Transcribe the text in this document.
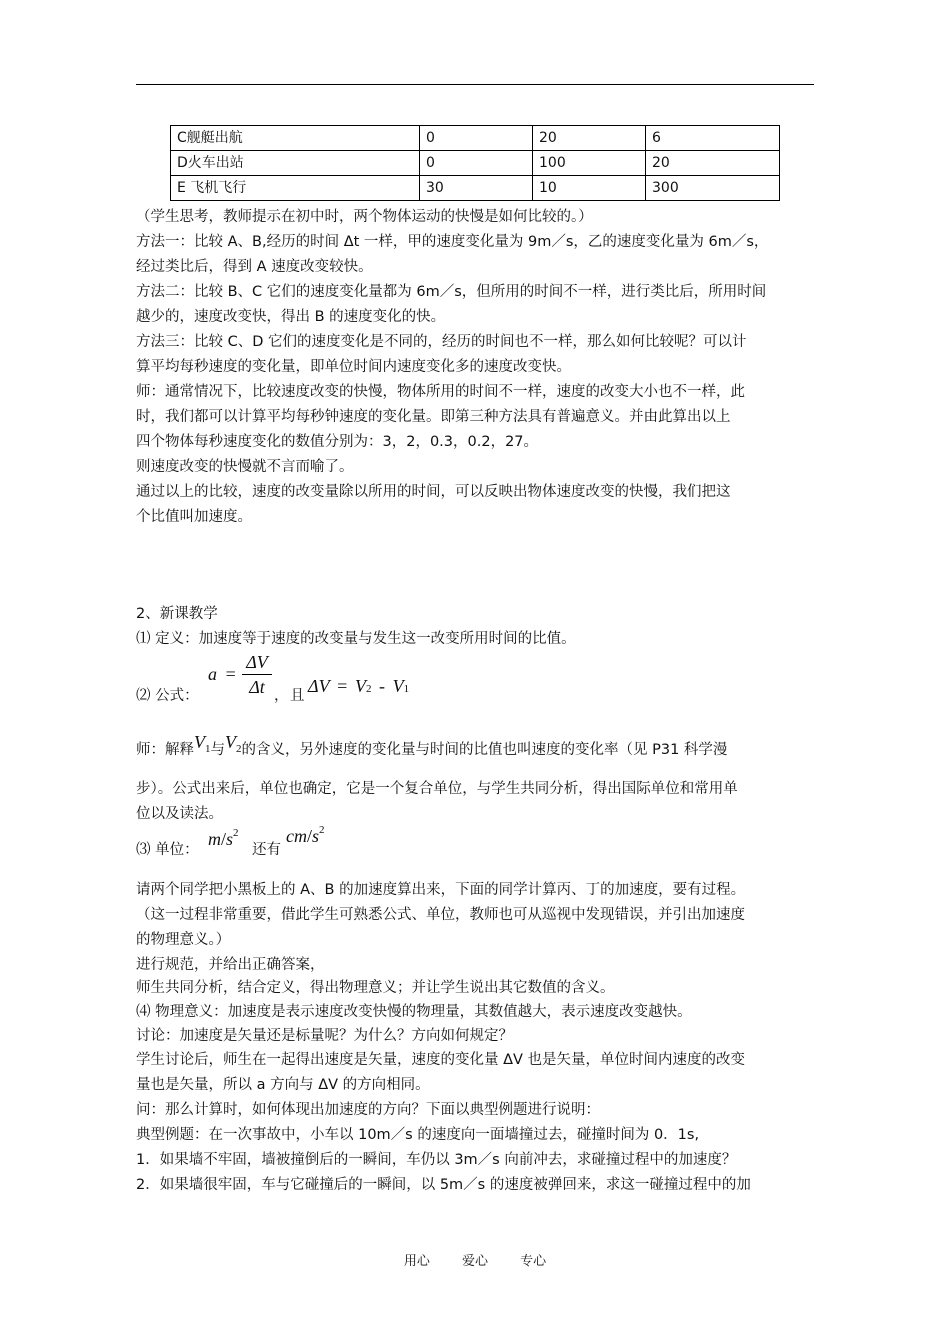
C舰艇出航	0	20	6
D火车出站	0	100	20
E 飞机飞行	30	10	300
（学生思考，教师提示在初中时，两个物体运动的快慢是如何比较的。）
方法一：比较 A、B,经历的时间 Δt 一样，甲的速度变化量为 9m／s，乙的速度变化量为 6m／s，
经过类比后，得到 A 速度改变较快。
方法二：比较 B、C 它们的速度变化量都为 6m／s，但所用的时间不一样，进行类比后，所用时间
越少的，速度改变快，得出 B 的速度变化的快。
方法三：比较 C、D 它们的速度变化是不同的，经历的时间也不一样，那么如何比较呢？可以计
算平均每秒速度的变化量，即单位时间内速度变化多的速度改变快。
师：通常情况下，比较速度改变的快慢，物体所用的时间不一样，速度的改变大小也不一样，此
时，我们都可以计算平均每秒钟速度的变化量。即第三种方法具有普遍意义。并由此算出以上
四个物体每秒速度变化的数值分别为：3，2，0.3，0.2，27。
则速度改变的快慢就不言而喻了。
通过以上的比较，速度的改变量除以所用的时间，可以反映出物体速度改变的快慢，我们把这
个比值叫加速度。
2、新课教学
⑴ 定义：加速度等于速度的改变量与发生这一改变所用时间的比值。
⑵ 公式：
a =
ΔV
Δt ， 且 ΔV = V2 - V1
师：解释V1与V2的含义，另外速度的变化量与时间的比值也叫速度的变化率（见 P31 科学漫
步）。公式出来后，单位也确定，它是一个复合单位，与学生共同分析，得出国际单位和常用单
位以及读法。
⑶ 单位：
$m/s^2$
还有
$cm/s^2$
请两个同学把小黑板上的 A、B 的加速度算出来，下面的同学计算丙、丁的加速度，要有过程。
（这一过程非常重要，借此学生可熟悉公式、单位，教师也可从巡视中发现错误，并引出加速度
的物理意义。）
进行规范，并给出正确答案，
师生共同分析，结合定义，得出物理意义；并让学生说出其它数值的含义。
⑷ 物理意义：加速度是表示速度改变快慢的物理量，其数值越大，表示速度改变越快。
讨论：加速度是矢量还是标量呢？为什么？方向如何规定？
学生讨论后，师生在一起得出速度是矢量，速度的变化量 ΔV 也是矢量，单位时间内速度的改变
量也是矢量，所以 a 方向与 ΔV 的方向相同。
问：那么计算时，如何体现出加速度的方向？下面以典型例题进行说明：
典型例题：在一次事故中，小车以 10m／s 的速度向一面墙撞过去，碰撞时间为 0．1s,
1．如果墙不牢固，墙被撞倒后的一瞬间，车仍以 3m／s 向前冲去，求碰撞过程中的加速度？
2．如果墙很牢固，车与它碰撞后的一瞬间，以 5m／s 的速度被弹回来，求这一碰撞过程中的加
用心 爱心 专心
